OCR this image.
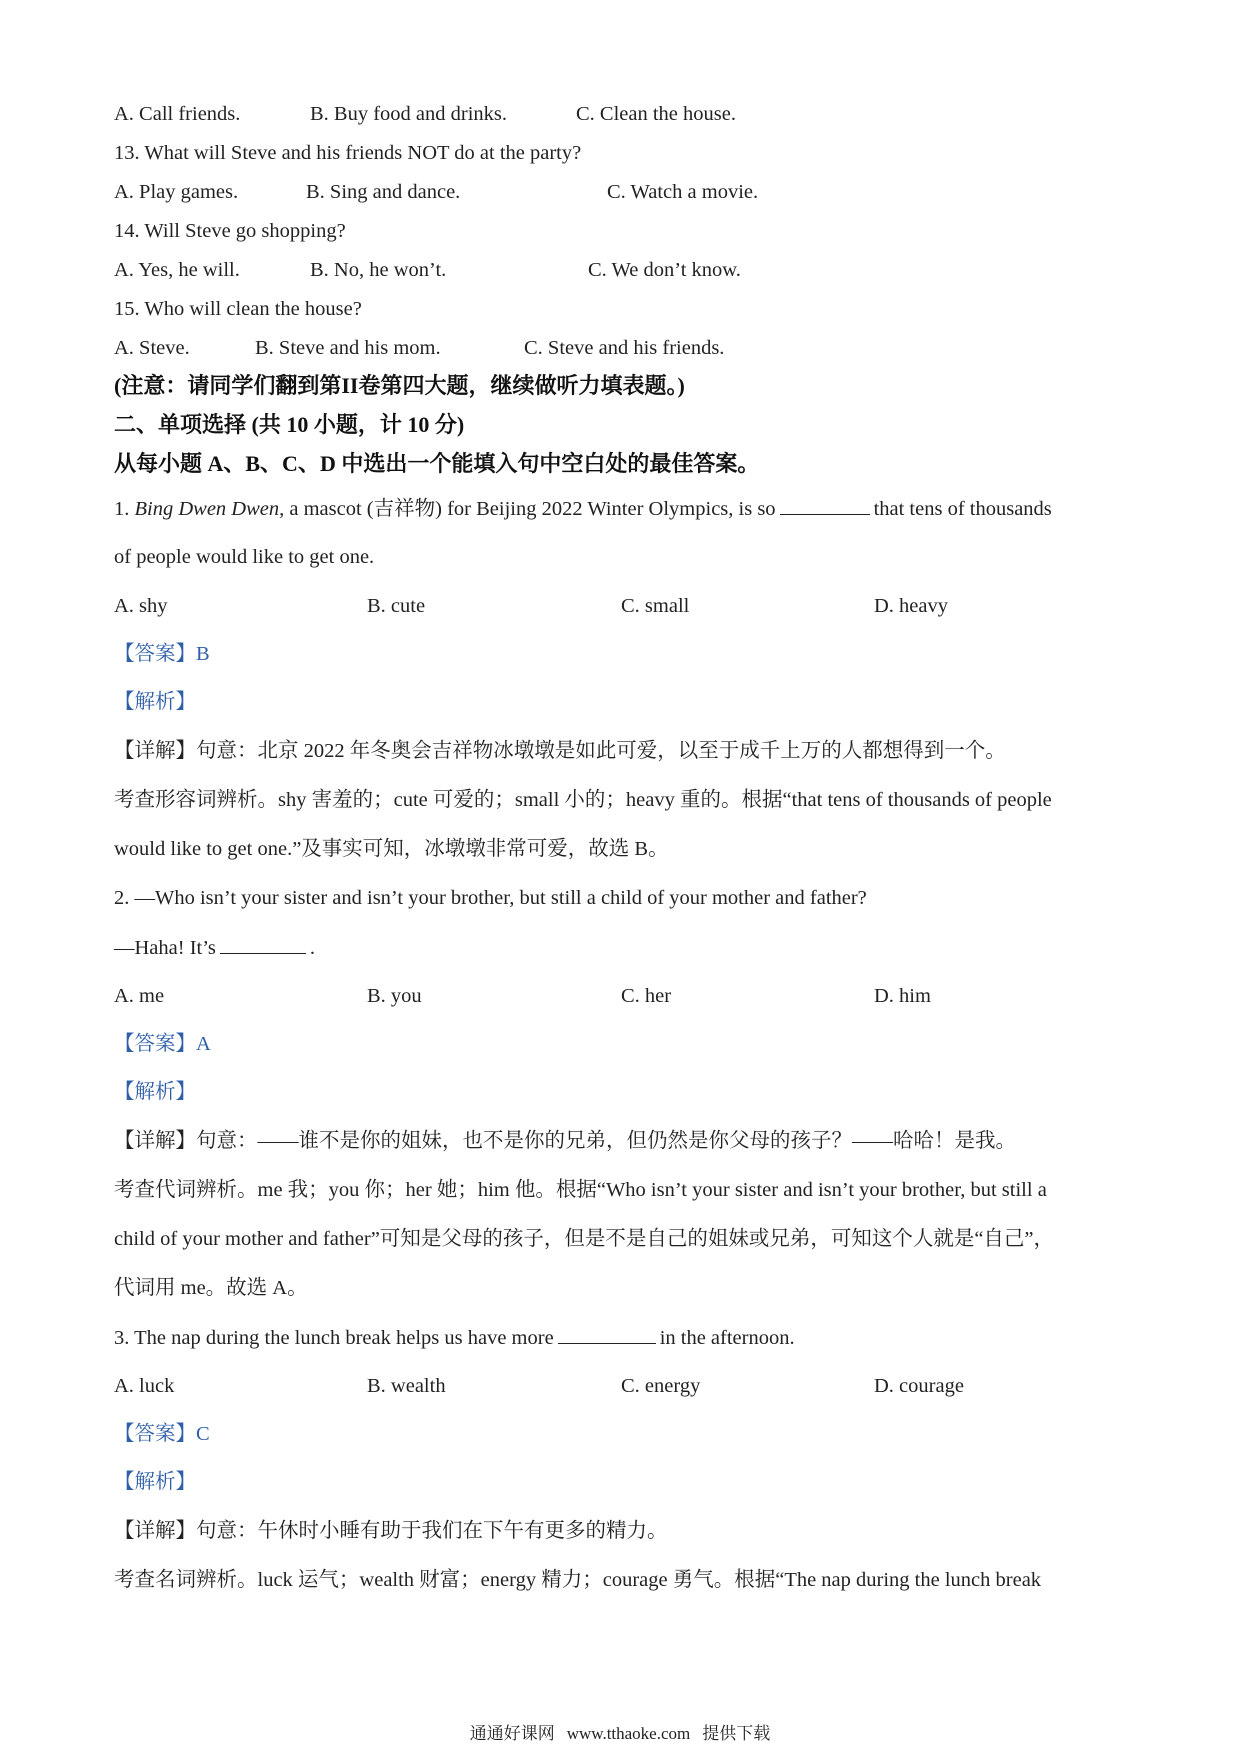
A. Call friends.	B. Buy food and drinks.	C. Clean the house.
13. What will Steve and his friends NOT do at the party?
A. Play games.	B. Sing and dance.	C. Watch a movie.
14. Will Steve go shopping?
A. Yes, he will.	B. No, he won’t.	C. We don’t know.
15. Who will clean the house?
A. Steve.	B. Steve and his mom.	C. Steve and his friends.
(注意：请同学们翻到第II卷第四大题，继续做听力填表题。)
二、单项选择 (共 10 小题，计 10 分)
从每小题 A、B、C、D 中选出一个能填入句中空白处的最佳答案。
1. Bing Dwen Dwen, a mascot (吉祥物) for Beijing 2022 Winter Olympics, is so	that tens of thousands
of people would like to get one.
A. shy	B. cute	C. small	D. heavy
【答案】B
【解析】
【详解】句意：北京 2022 年冬奥会吉祥物冰墩墩是如此可爱，以至于成千上万的人都想得到一个。
考查形容词辨析。shy 害羞的；cute 可爱的；small 小的；heavy 重的。根据“that tens of thousands of people
would like to get one.”及事实可知，冰墩墩非常可爱，故选 B。
2. —Who isn’t your sister and isn’t your brother, but still a child of your mother and father?
—Haha! It’s	.
A. me	B. you	C. her	D. him
【答案】A
【解析】
【详解】句意：——谁不是你的姐妹，也不是你的兄弟，但仍然是你父母的孩子？——哈哈！是我。
考查代词辨析。me 我；you 你；her 她；him 他。根据“Who isn’t your sister and isn’t your brother, but still a
child of your mother and father”可知是父母的孩子，但是不是自己的姐妹或兄弟，可知这个人就是“自己”，
代词用 me。故选 A。
3. The nap during the lunch break helps us have more	in the afternoon.
A. luck	B. wealth	C. energy	D. courage
【答案】C
【解析】
【详解】句意：午休时小睡有助于我们在下午有更多的精力。
考查名词辨析。luck 运气；wealth 财富；energy 精力；courage 勇气。根据“The nap during the lunch break
通通好课网 www.tthaoke.com 提供下载
